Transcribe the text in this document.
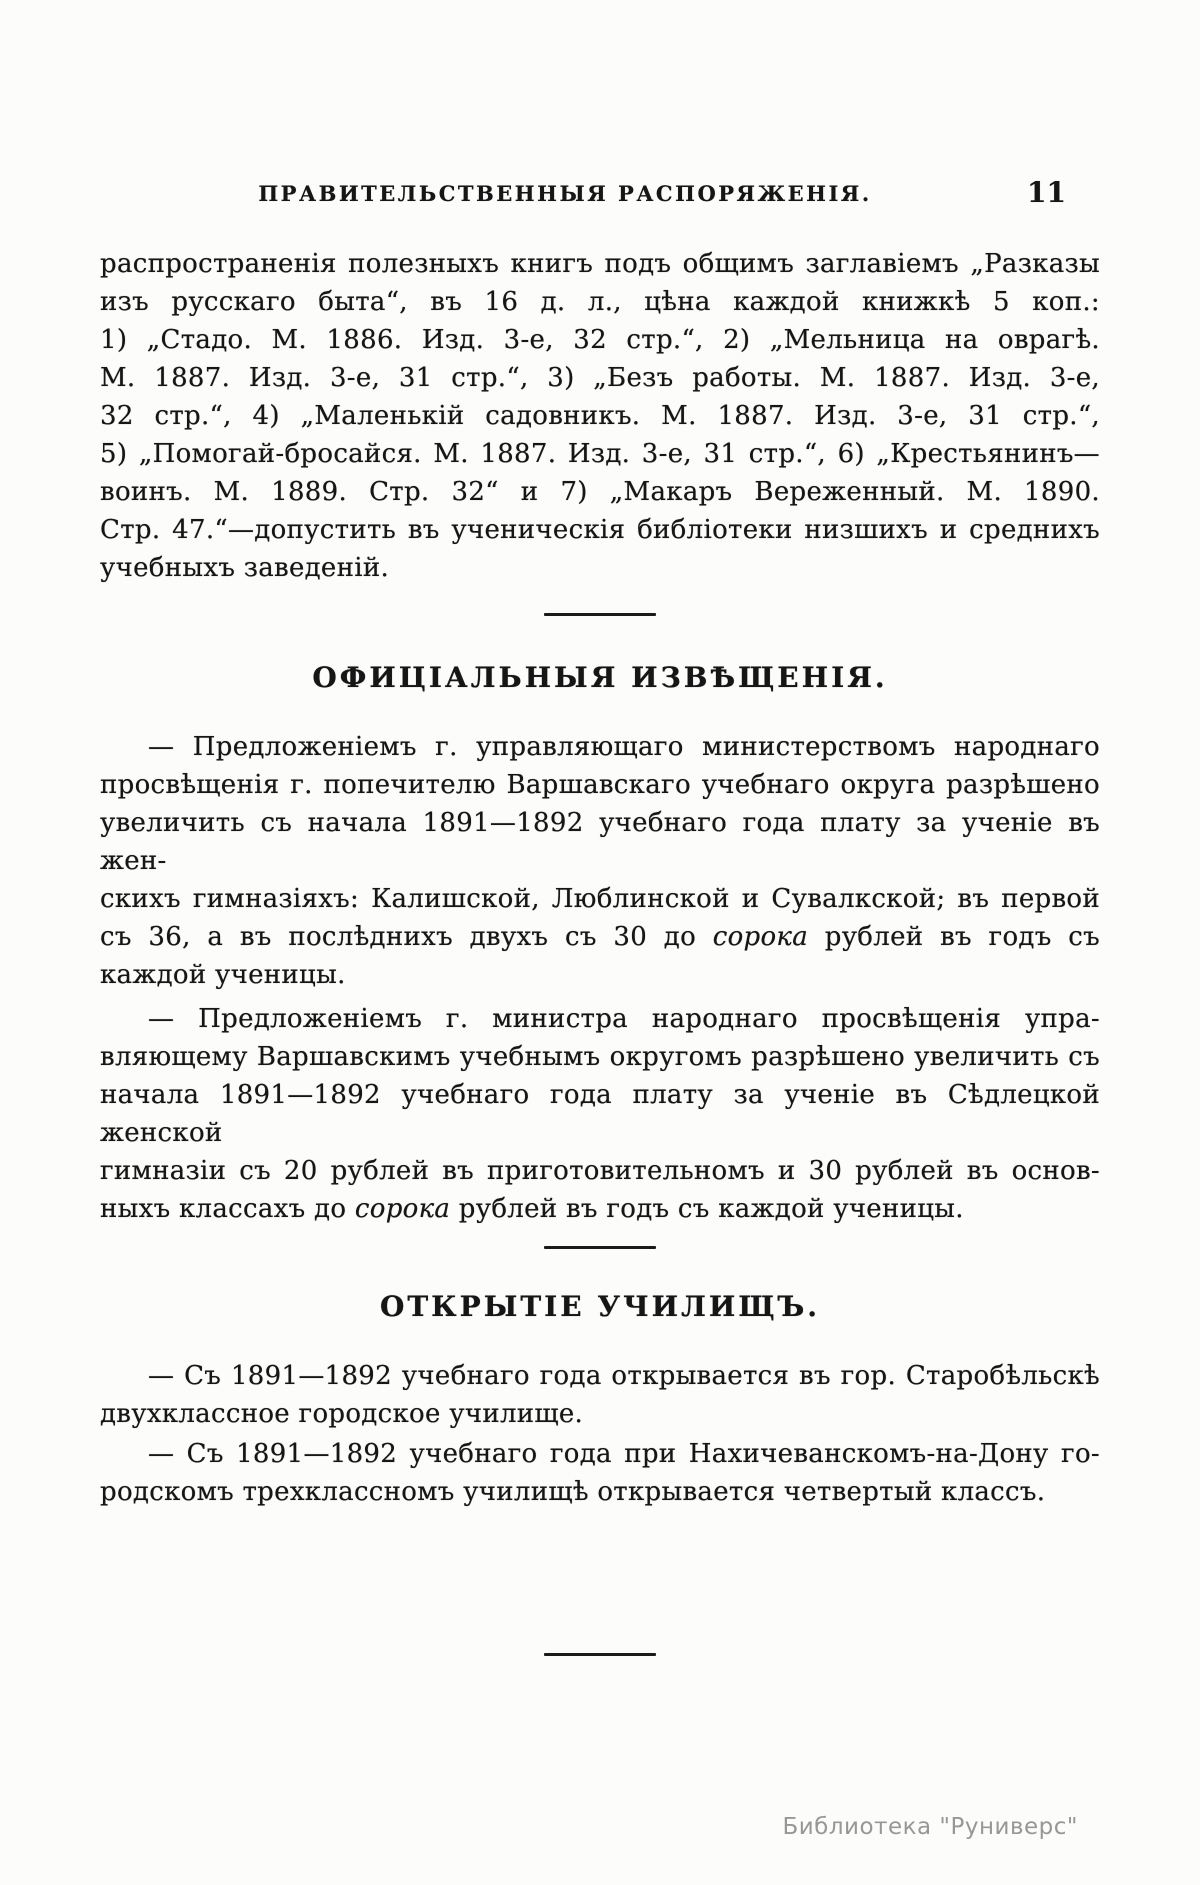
ПРАВИТЕЛЬСТВЕННЫЯ РАСПОРЯЖЕНІЯ.	11
распространенія полезныхъ книгъ подъ общимъ заглавіемъ „Разказы
изъ русскаго быта“, въ 16 д. л., цѣна каждой книжкѣ 5 коп.:
1) „Стадо. М. 1886. Изд. 3-е, 32 стр.“, 2) „Мельница на оврагѣ.
М. 1887. Изд. 3-е, 31 стр.“, 3) „Безъ работы. М. 1887. Изд. 3-е,
32 стр.“, 4) „Маленькій садовникъ. М. 1887. Изд. 3-е, 31 стр.“,
5) „Помогай-бросайся. М. 1887. Изд. 3-е, 31 стр.“, 6) „Крестьянинъ—
воинъ. М. 1889. Стр. 32“ и 7) „Макаръ Вереженный. М. 1890.
Стр. 47.“—допустить въ ученическія библіотеки низшихъ и среднихъ
учебныхъ заведеній.
ОФИЦІАЛЬНЫЯ ИЗВѢЩЕНІЯ.
— Предложеніемъ г. управляющаго министерствомъ народнаго
просвѣщенія г. попечителю Варшавскаго учебнаго округа разрѣшено
увеличить съ начала 1891—1892 учебнаго года плату за ученіе въ жен-
скихъ гимназіяхъ: Калишской, Люблинской и Сувалкской; въ первой
съ 36, а въ послѣднихъ двухъ съ 30 до сорока рублей въ годъ съ
каждой ученицы.
— Предложеніемъ г. министра народнаго просвѣщенія упра-
вляющему Варшавскимъ учебнымъ округомъ разрѣшено увеличить съ
начала 1891—1892 учебнаго года плату за ученіе въ Сѣдлецкой женской
гимназіи съ 20 рублей въ приготовительномъ и 30 рублей въ основ-
ныхъ классахъ до сорока рублей въ годъ съ каждой ученицы.
ОТКРЫТІЕ УЧИЛИЩЪ.
— Съ 1891—1892 учебнаго года открывается въ гор. Старобѣльскѣ
двухклассное городское училище.
— Съ 1891—1892 учебнаго года при Нахичеванскомъ-на-Дону го-
родскомъ трехклассномъ училищѣ открывается четвертый классъ.
Библиотека "Руниверс"
